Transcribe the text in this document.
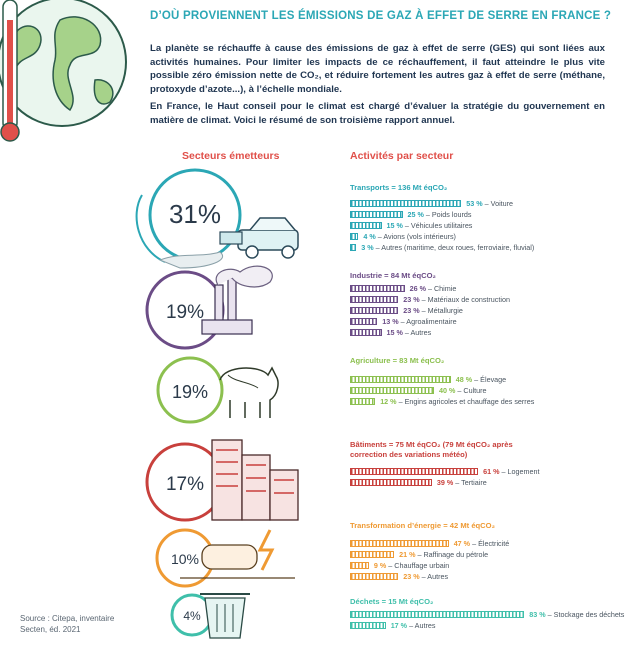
D’OÙ PROVIENNENT LES ÉMISSIONS DE GAZ À EFFET DE SERRE EN FRANCE ?
La planète se réchauffe à cause des émissions de gaz à effet de serre (GES) qui sont liées aux activités humaines. Pour limiter les impacts de ce réchauffement, il faut atteindre le plus vite possible zéro émission nette de CO₂, et réduire fortement les autres gaz à effet de serre (méthane, protoxyde d’azote...), à l’échelle mondiale.
En France, le Haut conseil pour le climat est chargé d’évaluer la stratégie du gouvernement en matière de climat. Voici le résumé de son troisième rapport annuel.
Secteurs émetteurs	Activités par secteur
31%
19%
19%
17%
10%
4%
Transports = 136 Mt éqCO₂
Industrie = 84 Mt éqCO₂
Agriculture = 83 Mt éqCO₂
Bâtiments = 75 Mt éqCO₂ (79 Mt éqCO₂ après correction des variations météo)
Transformation d’énergie = 42 Mt éqCO₂
Déchets = 15 Mt éqCO₂
53 % – Voiture
25 % – Poids lourds
15 % – Véhicules utilitaires
4 % – Avions (vols intérieurs)
3 % – Autres (maritime, deux roues, ferroviaire, fluvial)
26 % – Chimie
23 % – Matériaux de construction
23 % – Métallurgie
13 % – Agroalimentaire
15 % – Autres
48 % – Élevage
40 % – Culture
12 % – Engins agricoles et chauffage des serres
61 % – Logement
39 % – Tertiaire
47 % – Électricité
21 % – Raffinage du pétrole
9 % – Chauffage urbain
23 % – Autres
83 % – Stockage des déchets
17 % – Autres
Source : Citepa, inventaire Secten, éd. 2021
